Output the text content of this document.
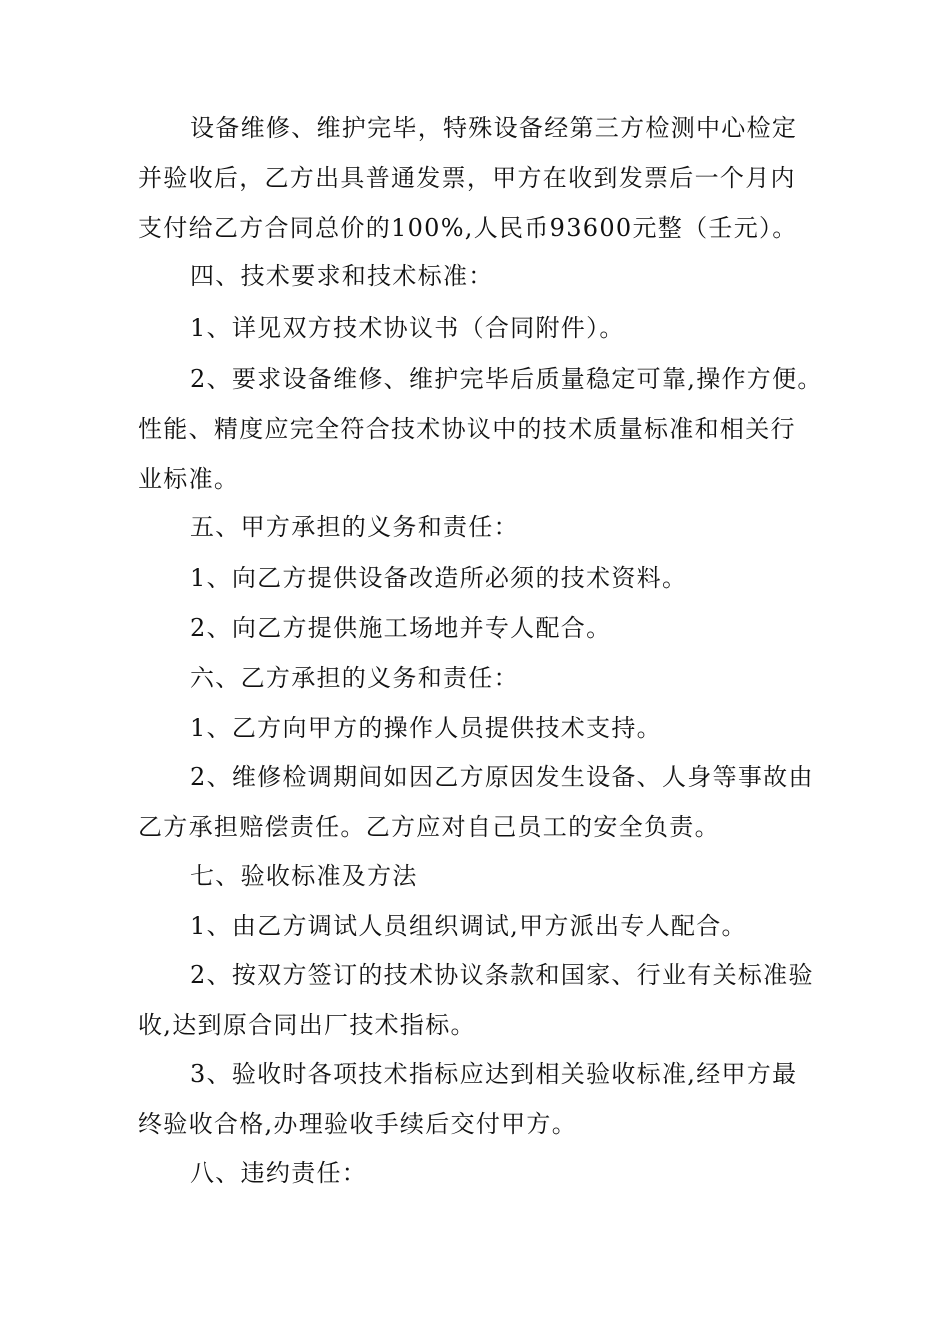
设备维修、维护完毕，特殊设备经第三方检测中心检定
并验收后，乙方出具普通发票，甲方在收到发票后一个月内
支付给乙方合同总价的100%,人民币93600元整（壬元）。

四、技术要求和技术标准：

1、详见双方技术协议书（合同附件）。

2、要求设备维修、维护完毕后质量稳定可靠,操作方便。
性能、精度应完全符合技术协议中的技术质量标准和相关行
业标准。

五、甲方承担的义务和责任：

1、向乙方提供设备改造所必须的技术资料。

2、向乙方提供施工场地并专人配合。

六、乙方承担的义务和责任：

1、乙方向甲方的操作人员提供技术支持。

2、维修检调期间如因乙方原因发生设备、人身等事故由
乙方承担赔偿责任。乙方应对自己员工的安全负责。

七、验收标准及方法

1、由乙方调试人员组织调试,甲方派出专人配合。

2、按双方签订的技术协议条款和国家、行业有关标准验
收,达到原合同出厂技术指标。

3、验收时各项技术指标应达到相关验收标准,经甲方最
终验收合格,办理验收手续后交付甲方。

八、违约责任：
